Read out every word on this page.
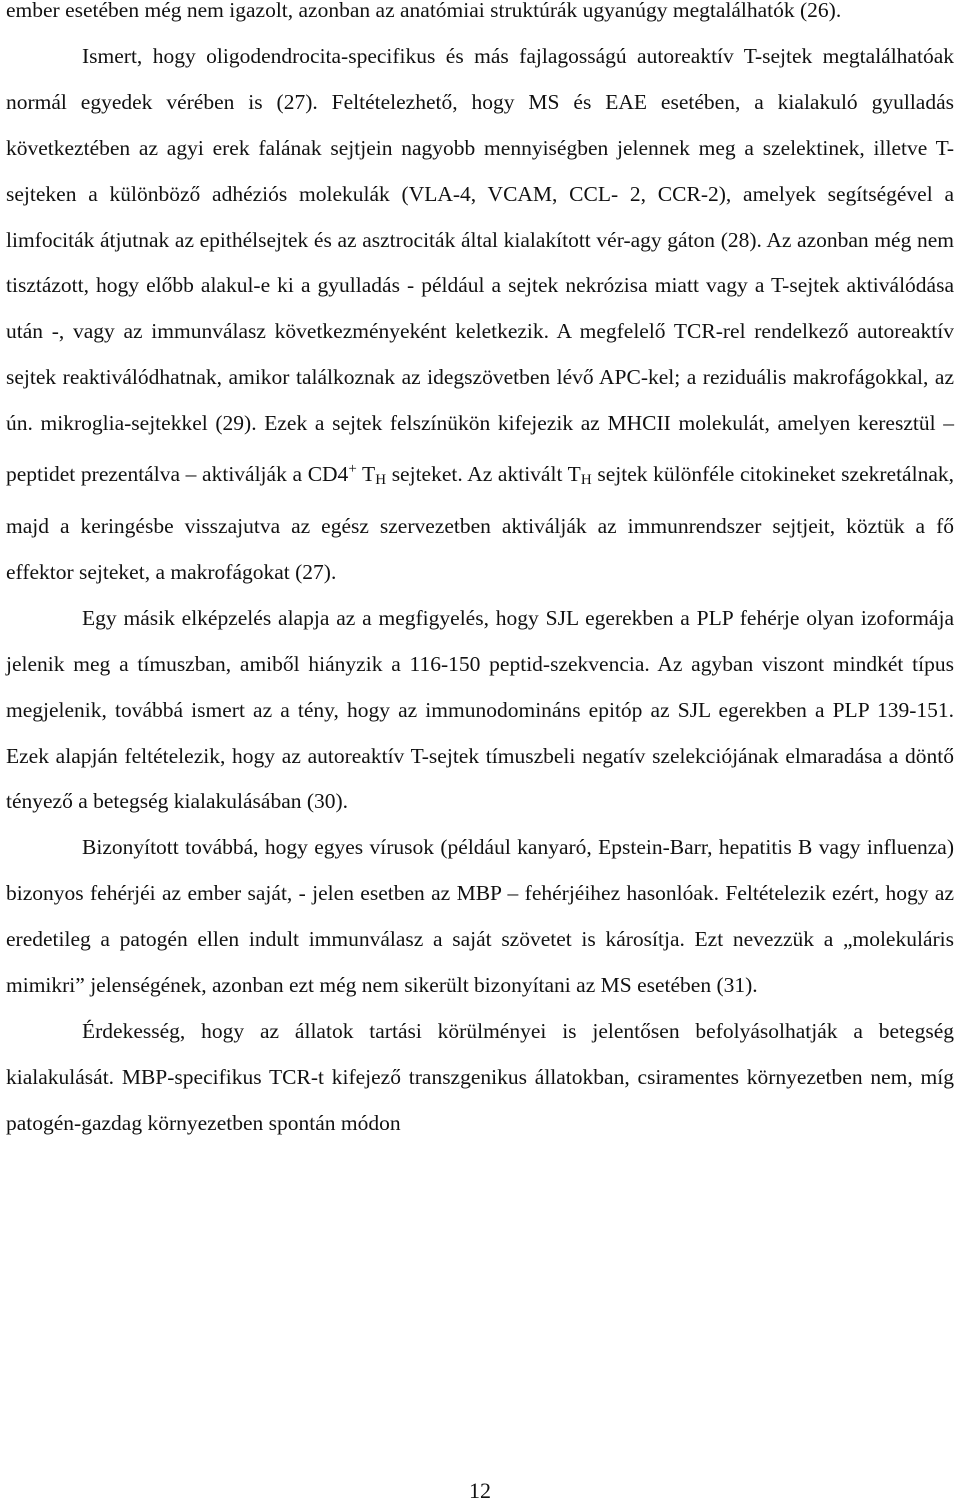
ember esetében még nem igazolt, azonban az anatómiai struktúrák ugyanúgy megtalálhatók (26).

Ismert, hogy oligodendrocita-specifikus és más fajlagosságú autoreaktív T-sejtek megtalálhatóak normál egyedek vérében is (27). Feltételezhető, hogy MS és EAE esetében, a kialakuló gyulladás következtében az agyi erek falának sejtjein nagyobb mennyiségben jelennek meg a szelektinek, illetve T-sejteken a különböző adhéziós molekulák (VLA-4, VCAM, CCL- 2, CCR-2), amelyek segítségével a limfociták átjutnak az epithélsejtek és az asztrociták által kialakított vér-agy gáton (28). Az azonban még nem tisztázott, hogy előbb alakul-e ki a gyulladás - például a sejtek nekrózisa miatt vagy a T-sejtek aktiválódása után -, vagy az immunválasz következményeként keletkezik. A megfelelő TCR-rel rendelkező autoreaktív sejtek reaktiválódhatnak, amikor találkoznak az idegszövetben lévő APC-kel; a reziduális makrofágokkal, az ún. mikroglia-sejtekkel (29). Ezek a sejtek felszínükön kifejezik az MHCII molekulát, amelyen keresztül – peptidet prezentálva – aktiválják a CD4+ $T_H$ sejteket. Az aktivált $T_H$ sejtek különféle citokineket szekretálnak, majd a keringésbe visszajutva az egész szervezetben aktiválják az immunrendszer sejtjeit, köztük a fő effektor sejteket, a makrofágokat (27).

Egy másik elképzelés alapja az a megfigyelés, hogy SJL egerekben a PLP fehérje olyan izoformája jelenik meg a tímuszban, amiből hiányzik a 116-150 peptid-szekvencia. Az agyban viszont mindkét típus megjelenik, továbbá ismert az a tény, hogy az immunodomináns epitóp az SJL egerekben a PLP 139-151. Ezek alapján feltételezik, hogy az autoreaktív T-sejtek tímuszbeli negatív szelekciójának elmaradása a döntő tényező a betegség kialakulásában (30).

Bizonyított továbbá, hogy egyes vírusok (például kanyaró, Epstein-Barr, hepatitis B vagy influenza) bizonyos fehérjéi az ember saját, - jelen esetben az MBP – fehérjéihez hasonlóak. Feltételezik ezért, hogy az eredetileg a patogén ellen indult immunválasz a saját szövetet is károsítja. Ezt nevezzük a „molekuláris mimikri” jelenségének, azonban ezt még nem sikerült bizonyítani az MS esetében (31).

Érdekesség, hogy az állatok tartási körülményei is jelentősen befolyásolhatják a betegség kialakulását. MBP-specifikus TCR-t kifejező transzgenikus állatokban, csiramentes környezetben nem, míg patogén-gazdag környezetben spontán módon

12
